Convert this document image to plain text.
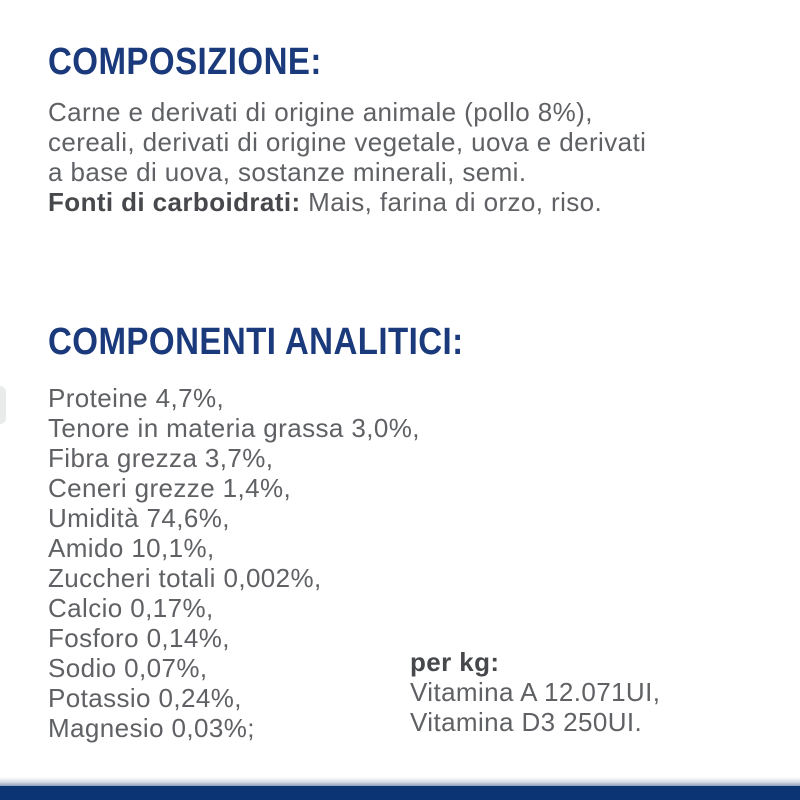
COMPOSIZIONE:
Carne e derivati di origine animale (pollo 8%),
cereali, derivati di origine vegetale, uova e derivati
a base di uova, sostanze minerali, semi.
Fonti di carboidrati: Mais, farina di orzo, riso.
COMPONENTI ANALITICI:
Proteine 4,7%,
Tenore in materia grassa 3,0%,
Fibra grezza 3,7%,
Ceneri grezze 1,4%,
Umidità 74,6%,
Amido 10,1%,
Zuccheri totali 0,002%,
Calcio 0,17%,
Fosforo 0,14%,
Sodio 0,07%,
Potassio 0,24%,
Magnesio 0,03%;
per kg:
Vitamina A 12.071UI,
Vitamina D3 250UI.
